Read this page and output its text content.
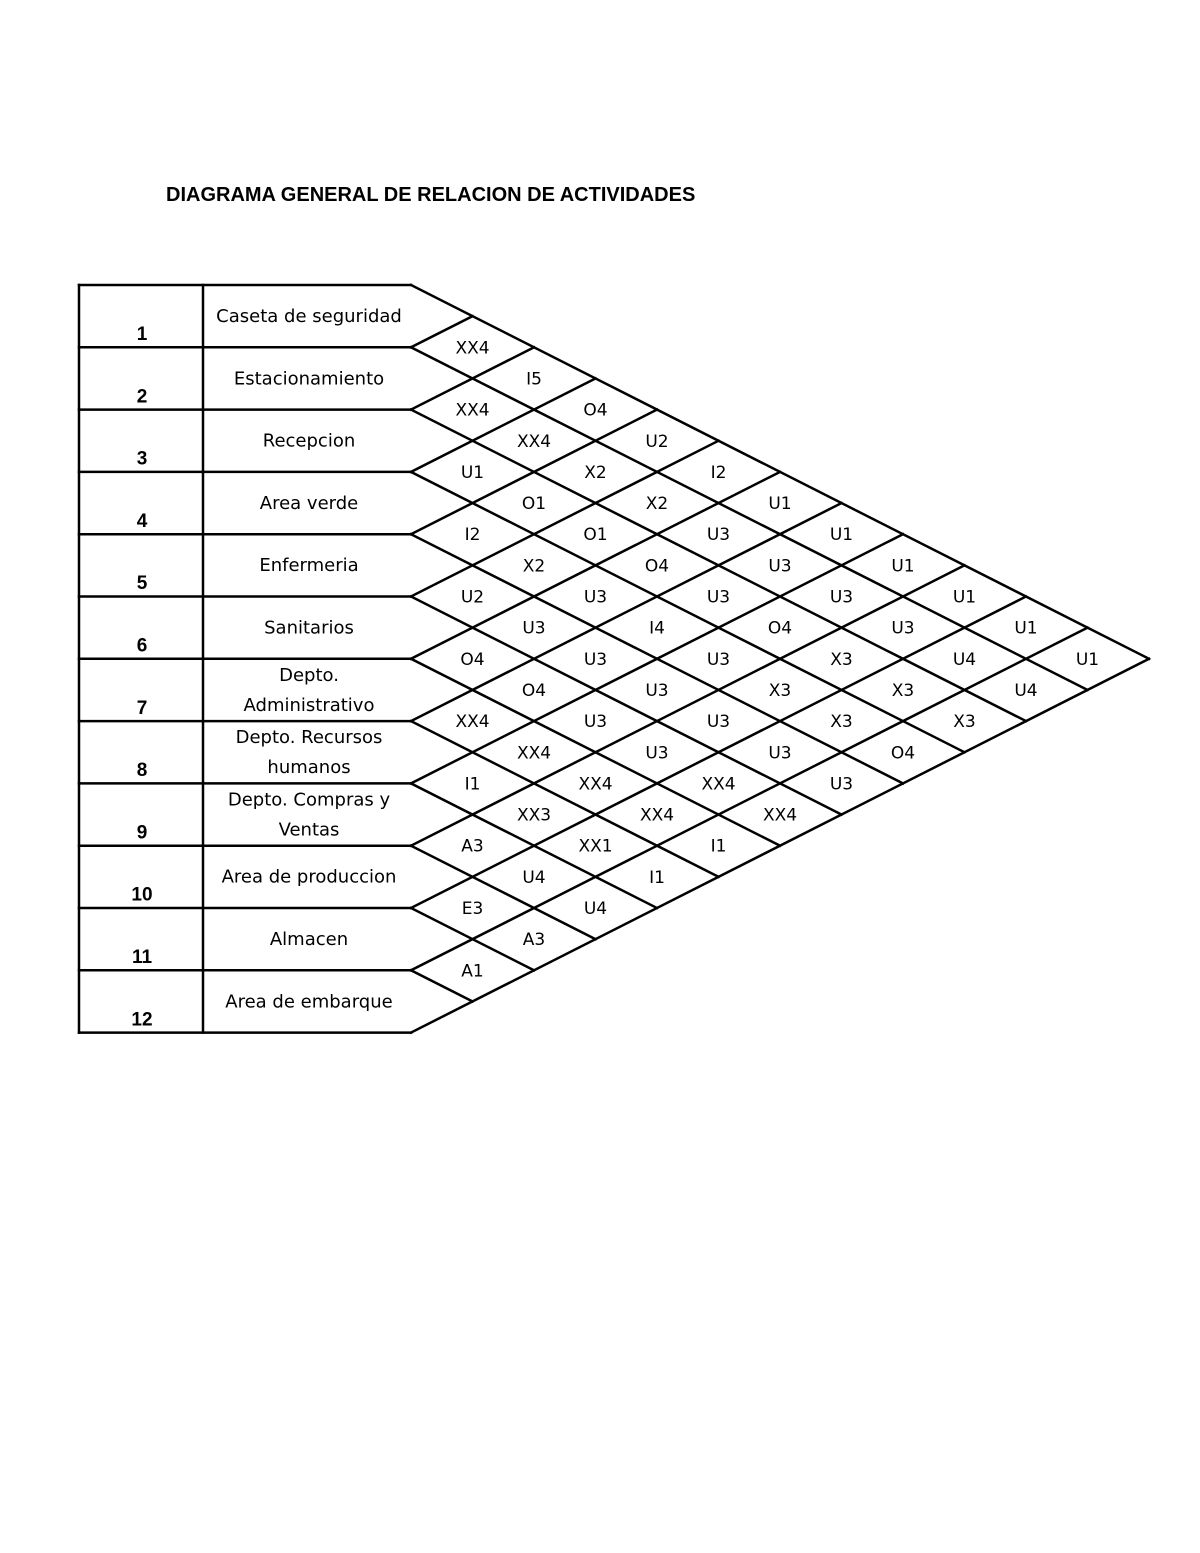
DIAGRAMA GENERAL DE RELACION DE ACTIVIDADES
1
Caseta de seguridad
2
Estacionamiento
3
Recepcion
4
Area verde
5
Enfermeria
6
Sanitarios
7
Depto.
Administrativo
8
Depto. Recursos
humanos
9
Depto. Compras y
Ventas
10
Area de produccion
11
Almacen
12
Area de embarque
XX4
I5
O4
U2
I2
U1
U1
U1
U1
U1
U1
XX4
XX4
X2
X2
U3
U3
U3
U3
U4
U4
U1
O1
O1
O4
U3
O4
X3
X3
X3
I2
X2
U3
I4
U3
X3
X3
O4
U2
U3
U3
U3
U3
U3
U3
O4
O4
U3
U3
XX4
XX4
XX4
XX4
XX4
XX4
I1
I1
XX3
XX1
I1
A3
U4
U4
E3
A3
A1
